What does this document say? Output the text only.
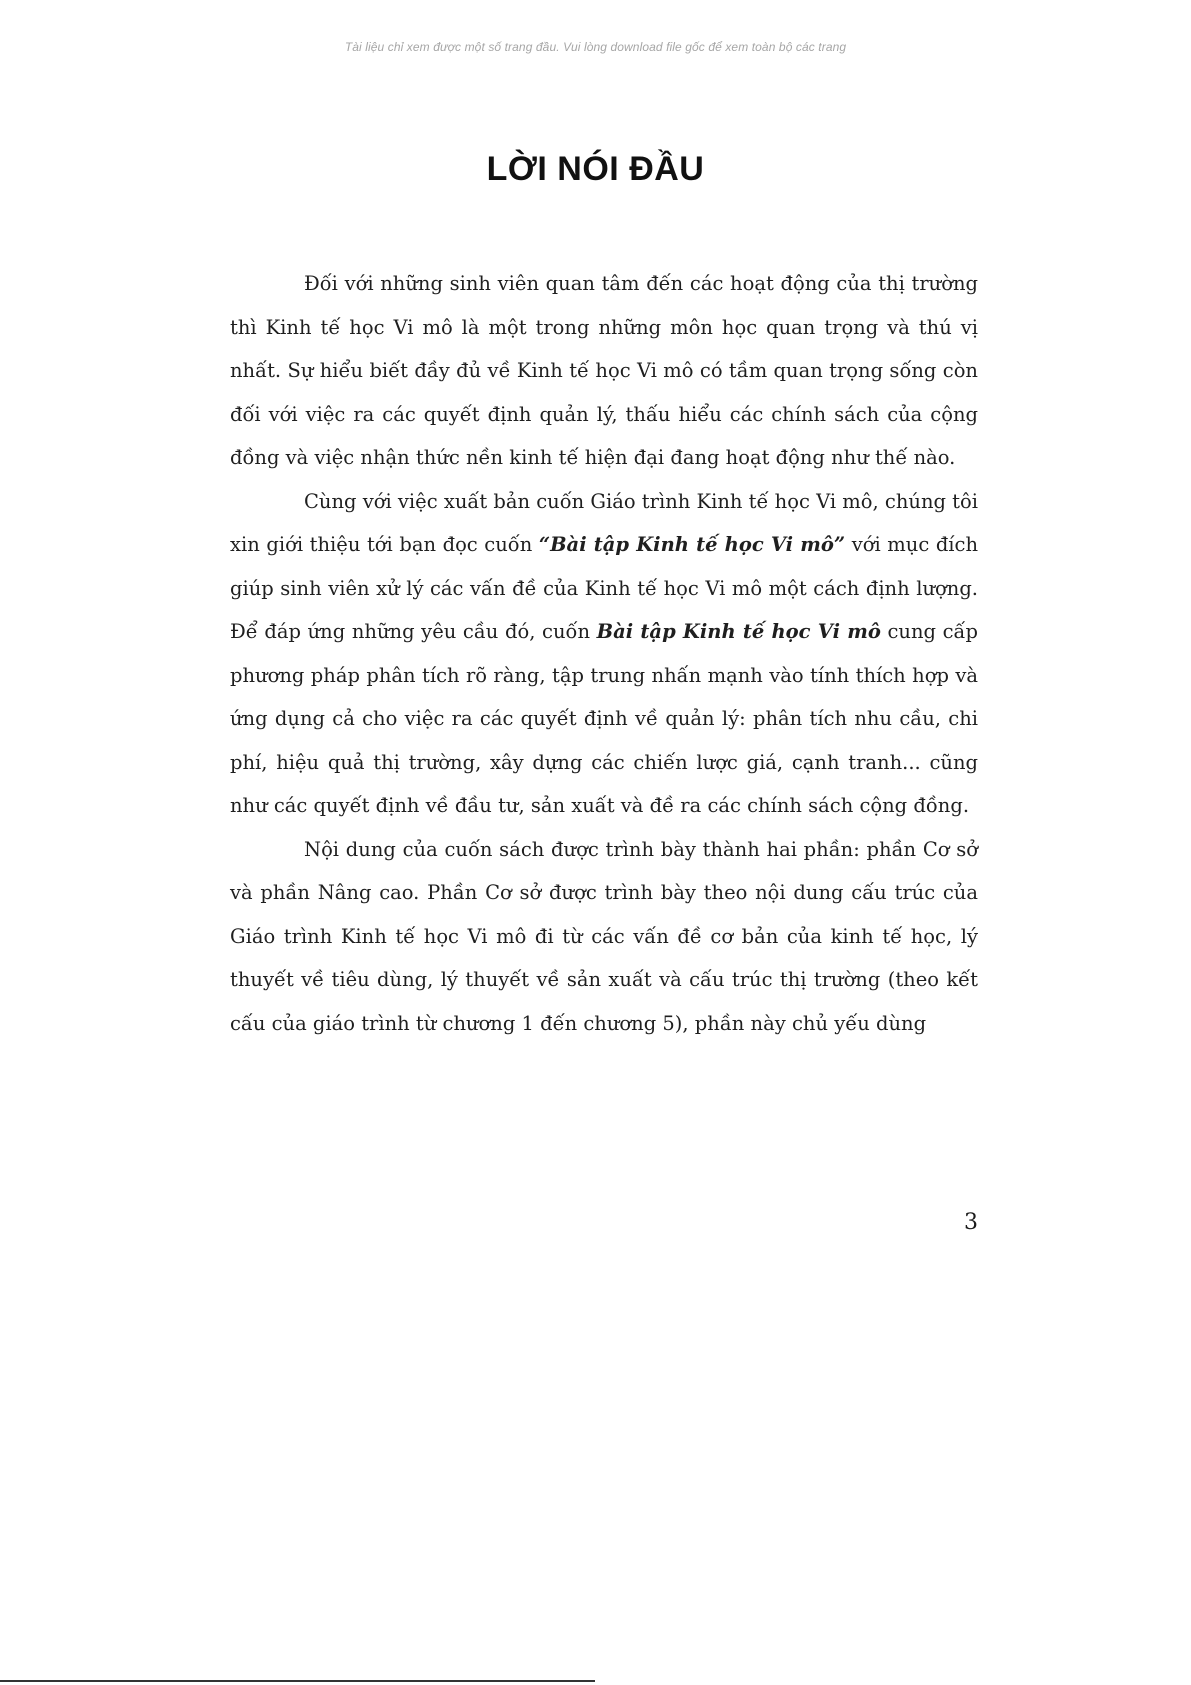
Tài liệu chỉ xem được một số trang đầu. Vui lòng download file gốc để xem toàn bộ các trang
LỜI NÓI ĐẦU

Đối với những sinh viên quan tâm đến các hoạt động của thị trường thì Kinh tế học Vi mô là một trong những môn học quan trọng và thú vị nhất. Sự hiểu biết đầy đủ về Kinh tế học Vi mô có tầm quan trọng sống còn đối với việc ra các quyết định quản lý, thấu hiểu các chính sách của cộng đồng và việc nhận thức nền kinh tế hiện đại đang hoạt động như thế nào.

Cùng với việc xuất bản cuốn Giáo trình Kinh tế học Vi mô, chúng tôi xin giới thiệu tới bạn đọc cuốn “Bài tập Kinh tế học Vi mô” với mục đích giúp sinh viên xử lý các vấn đề của Kinh tế học Vi mô một cách định lượng. Để đáp ứng những yêu cầu đó, cuốn Bài tập Kinh tế học Vi mô cung cấp phương pháp phân tích rõ ràng, tập trung nhấn mạnh vào tính thích hợp và ứng dụng cả cho việc ra các quyết định về quản lý: phân tích nhu cầu, chi phí, hiệu quả thị trường, xây dựng các chiến lược giá, cạnh tranh... cũng như các quyết định về đầu tư, sản xuất và đề ra các chính sách cộng đồng.

Nội dung của cuốn sách được trình bày thành hai phần: phần Cơ sở và phần Nâng cao. Phần Cơ sở được trình bày theo nội dung cấu trúc của Giáo trình Kinh tế học Vi mô đi từ các vấn đề cơ bản của kinh tế học, lý thuyết về tiêu dùng, lý thuyết về sản xuất và cấu trúc thị trường (theo kết cấu của giáo trình từ chương 1 đến chương 5), phần này chủ yếu dùng

3
